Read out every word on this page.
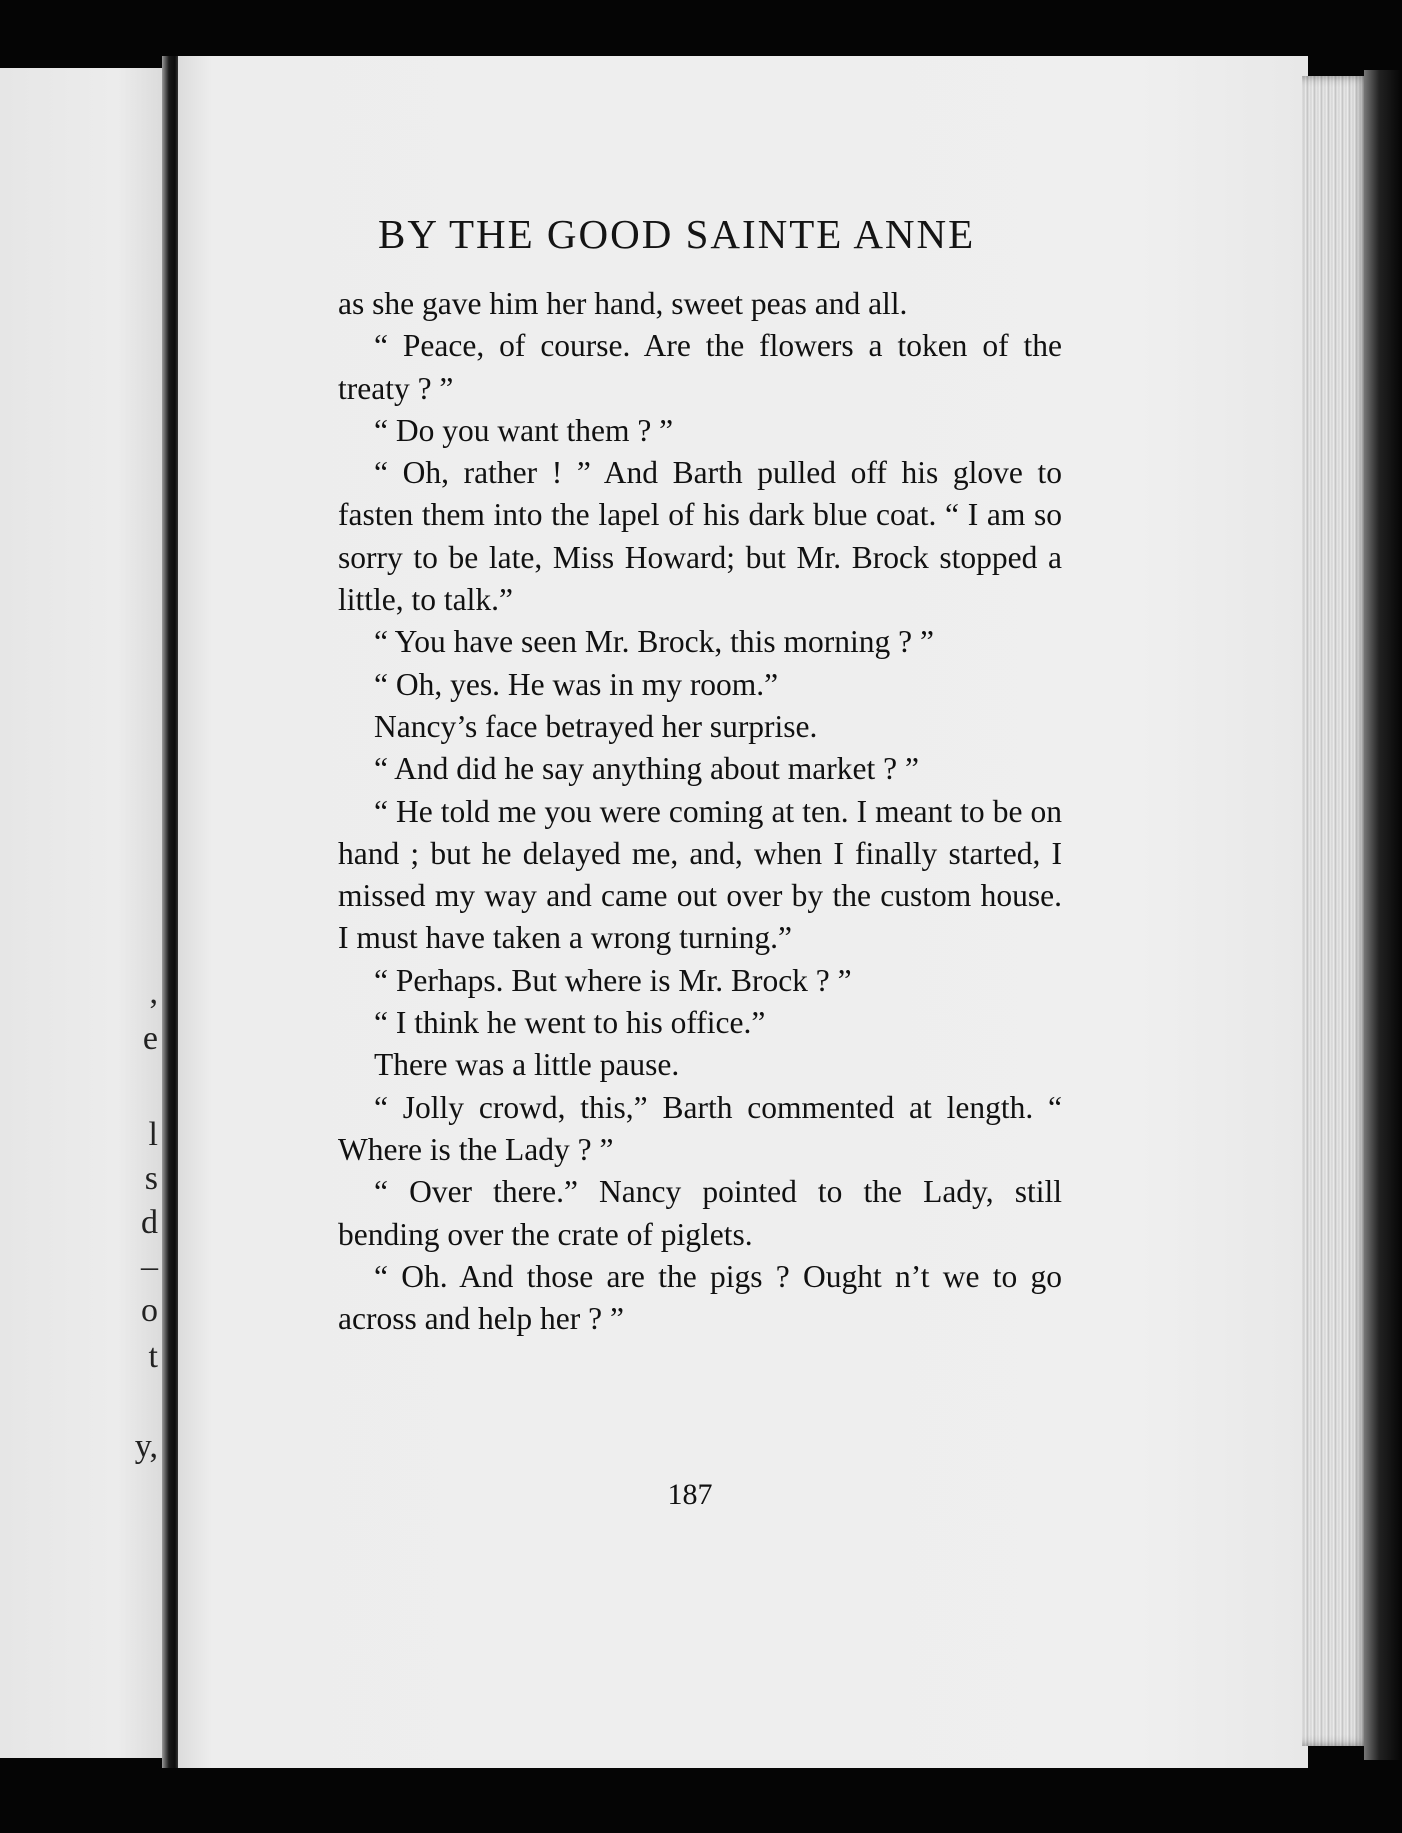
,
e
l
s
d
–
o
t
y,
BY THE GOOD SAINTE ANNE

as she gave him her hand, sweet peas and all.

“ Peace, of course. Are the flowers a token of the treaty ? ”

“ Do you want them ? ”

“ Oh, rather ! ” And Barth pulled off his glove to fasten them into the lapel of his dark blue coat. “ I am so sorry to be late, Miss Howard; but Mr. Brock stopped a little, to talk.”

“ You have seen Mr. Brock, this morning ? ”

“ Oh, yes. He was in my room.”

Nancy’s face betrayed her surprise.

“ And did he say anything about market ? ”

“ He told me you were coming at ten. I meant to be on hand ; but he delayed me, and, when I finally started, I missed my way and came out over by the custom house. I must have taken a wrong turning.”

“ Perhaps. But where is Mr. Brock ? ”

“ I think he went to his office.”

There was a little pause.

“ Jolly crowd, this,” Barth commented at length. “ Where is the Lady ? ”

“ Over there.” Nancy pointed to the Lady, still bending over the crate of piglets.

“ Oh. And those are the pigs ? Ought n’t we to go across and help her ? ”

187
